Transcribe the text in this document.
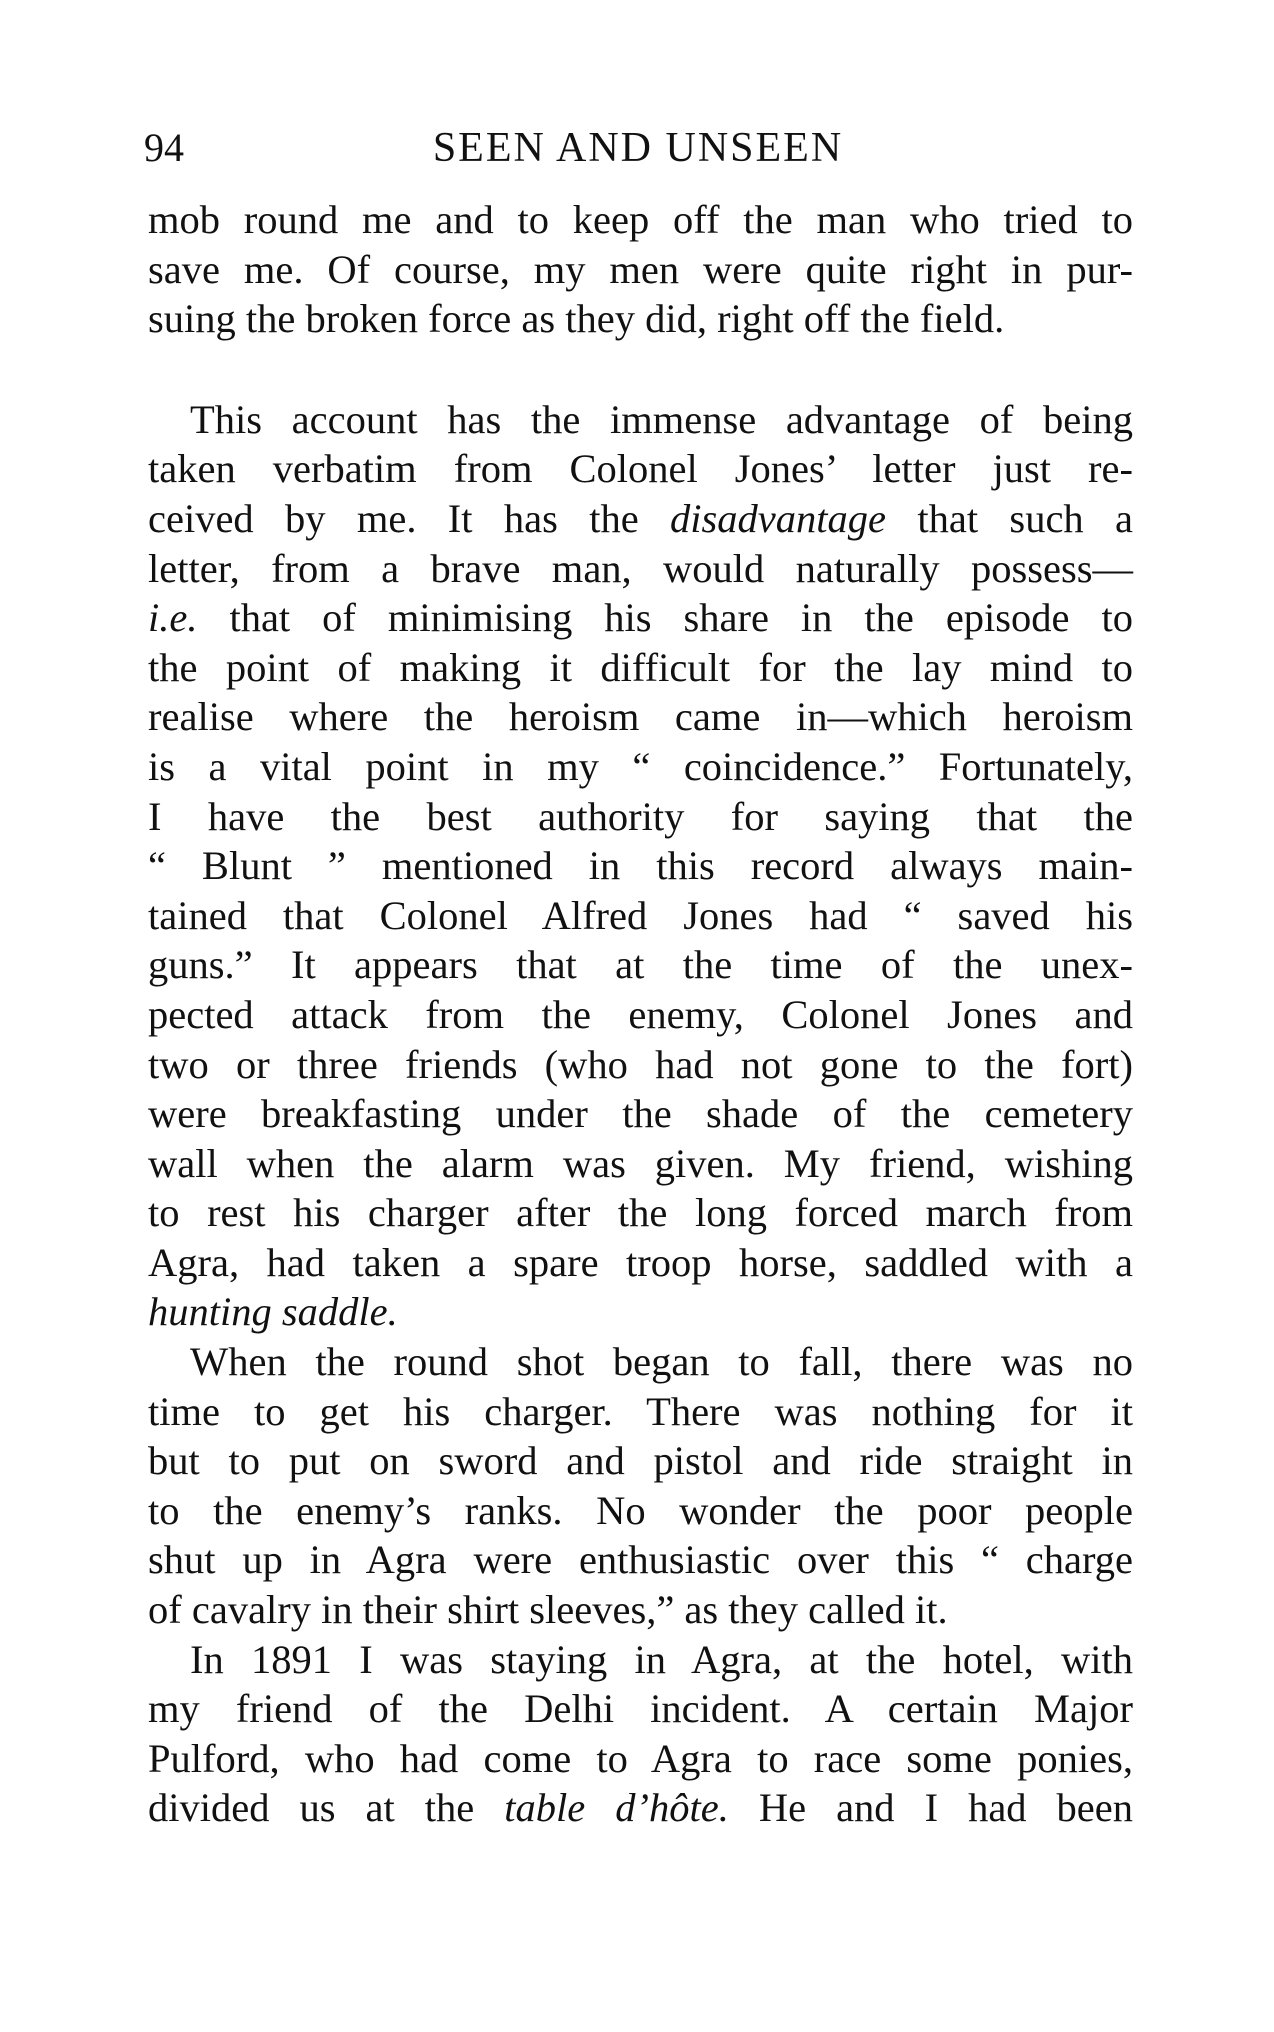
94	SEEN AND UNSEEN
mob round me and to keep off the man who tried to
save me. Of course, my men were quite right in pur-
suing the broken force as they did, right off the field.
This account has the immense advantage of being
taken verbatim from Colonel Jones’ letter just re-
ceived by me. It has the disadvantage that such a
letter, from a brave man, would naturally possess—
i.e. that of minimising his share in the episode to
the point of making it difficult for the lay mind to
realise where the heroism came in—which heroism
is a vital point in my “ coincidence.” Fortunately,
I have the best authority for saying that the
“ Blunt ” mentioned in this record always main-
tained that Colonel Alfred Jones had “ saved his
guns.” It appears that at the time of the unex-
pected attack from the enemy, Colonel Jones and
two or three friends (who had not gone to the fort)
were breakfasting under the shade of the cemetery
wall when the alarm was given. My friend, wishing
to rest his charger after the long forced march from
Agra, had taken a spare troop horse, saddled with a
hunting saddle.
When the round shot began to fall, there was no
time to get his charger. There was nothing for it
but to put on sword and pistol and ride straight in
to the enemy’s ranks. No wonder the poor people
shut up in Agra were enthusiastic over this “ charge
of cavalry in their shirt sleeves,” as they called it.
In 1891 I was staying in Agra, at the hotel, with
my friend of the Delhi incident. A certain Major
Pulford, who had come to Agra to race some ponies,
divided us at the table d’hôte. He and I had been
